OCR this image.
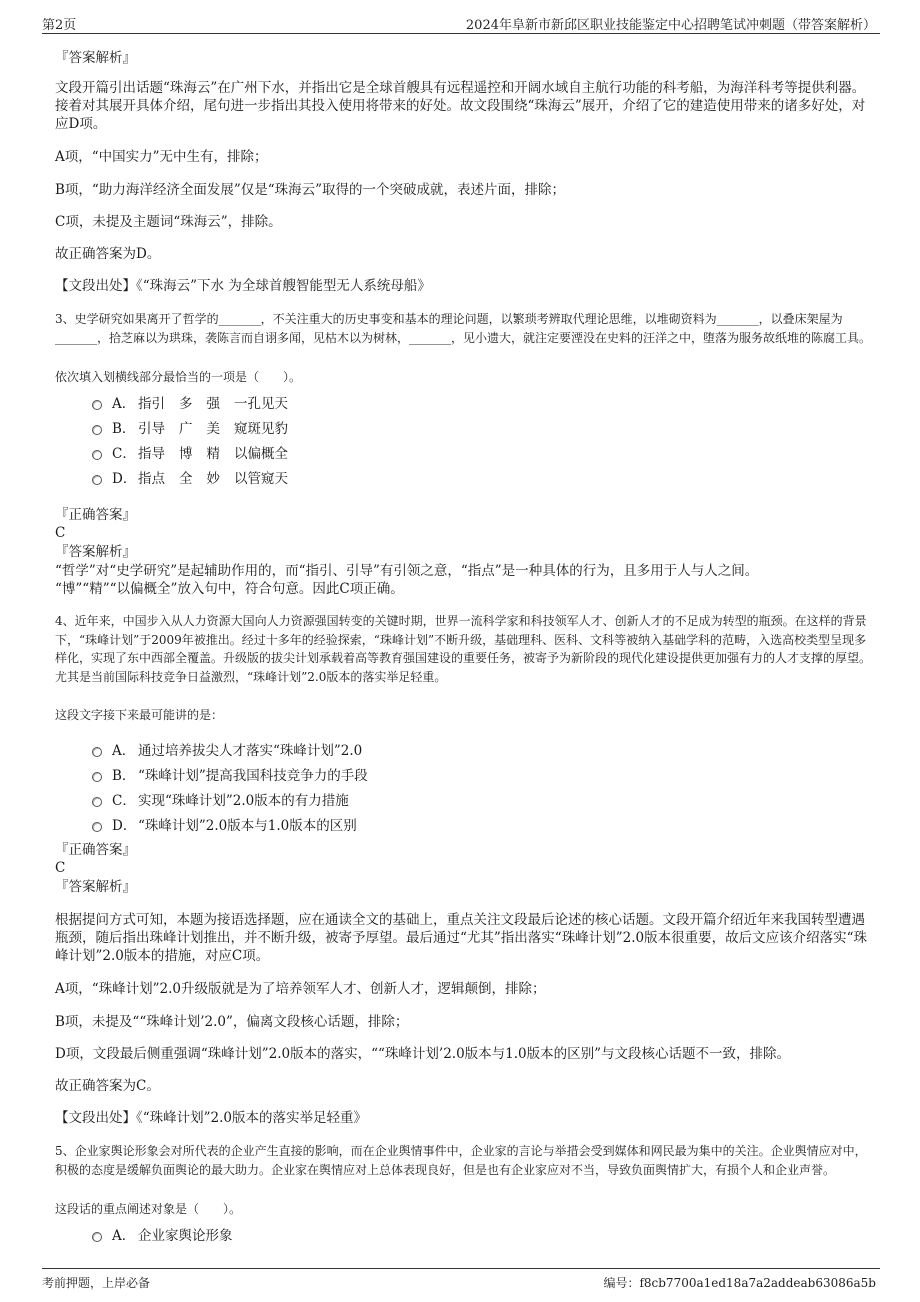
第2页	2024年阜新市新邱区职业技能鉴定中心招聘笔试冲刺题（带答案解析）
『答案解析』
文段开篇引出话题“珠海云”在广州下水，并指出它是全球首艘具有远程遥控和开阔水域自主航行功能的科考船，为海洋科考等提供利器。接着对其展开具体介绍，尾句进一步指出其投入使用将带来的好处。故文段围绕“珠海云”展开，介绍了它的建造使用带来的诸多好处，对应D项。
A项，“中国实力”无中生有，排除；
B项，“助力海洋经济全面发展”仅是“珠海云”取得的一个突破成就，表述片面，排除；
C项，未提及主题词“珠海云”，排除。
故正确答案为D。
【文段出处】《“珠海云”下水 为全球首艘智能型无人系统母船》
3、史学研究如果离开了哲学的_______，不关注重大的历史事变和基本的理论问题，以繁琐考辨取代理论思维，以堆砌资料为_______，以叠床架屋为_______，拾芝麻以为珙珠，袭陈言而自诩多闻，见枯木以为树林，_______，见小遗大，就注定要湮没在史料的汪洋之中，堕落为服务故纸堆的陈腐工具。
依次填入划横线部分最恰当的一项是（　　）。
A． 指引 多 强 一孔见天
B． 引导 广 美 窥斑见豹
C． 指导 博 精 以偏概全
D． 指点 全 妙 以管窥天
『正确答案』
C
『答案解析』
“哲学”对“史学研究”是起辅助作用的，而“指引、引导”有引领之意，“指点”是一种具体的行为，且多用于人与人之间。
“博”“精”“以偏概全”放入句中，符合句意。因此C项正确。
4、近年来，中国步入从人力资源大国向人力资源强国转变的关键时期，世界一流科学家和科技领军人才、创新人才的不足成为转型的瓶颈。在这样的背景下，“珠峰计划”于2009年被推出。经过十多年的经验探索，“珠峰计划”不断升级，基础理科、医科、文科等被纳入基础学科的范畴，入选高校类型呈现多样化，实现了东中西部全覆盖。升级版的拔尖计划承载着高等教育强国建设的重要任务，被寄予为新阶段的现代化建设提供更加强有力的人才支撑的厚望。尤其是当前国际科技竞争日益激烈，“珠峰计划”2.0版本的落实举足轻重。
这段文字接下来最可能讲的是：
A． 通过培养拔尖人才落实“珠峰计划”2.0
B． “珠峰计划”提高我国科技竞争力的手段
C． 实现“珠峰计划”2.0版本的有力措施
D． “珠峰计划”2.0版本与1.0版本的区别
『正确答案』
C
『答案解析』
根据提问方式可知，本题为接语选择题，应在通读全文的基础上，重点关注文段最后论述的核心话题。文段开篇介绍近年来我国转型遭遇瓶颈，随后指出珠峰计划推出，并不断升级，被寄予厚望。最后通过“尤其”指出落实“珠峰计划”2.0版本很重要，故后文应该介绍落实“珠峰计划”2.0版本的措施，对应C项。
A项，“珠峰计划”2.0升级版就是为了培养领军人才、创新人才，逻辑颠倒，排除；
B项，未提及““珠峰计划’2.0”，偏离文段核心话题，排除；
D项，文段最后侧重强调“珠峰计划”2.0版本的落实，““珠峰计划’2.0版本与1.0版本的区别”与文段核心话题不一致，排除。
故正确答案为C。
【文段出处】《“珠峰计划”2.0版本的落实举足轻重》
5、企业家舆论形象会对所代表的企业产生直接的影响，而在企业舆情事件中，企业家的言论与举措会受到媒体和网民最为集中的关注。企业舆情应对中，积极的态度是缓解负面舆论的最大助力。企业家在舆情应对上总体表现良好，但是也有企业家应对不当，导致负面舆情扩大，有损个人和企业声誉。
这段话的重点阐述对象是（　　）。
A． 企业家舆论形象
考前押题，上岸必备	编号：f8cb7700a1ed18a7a2addeab63086a5b
